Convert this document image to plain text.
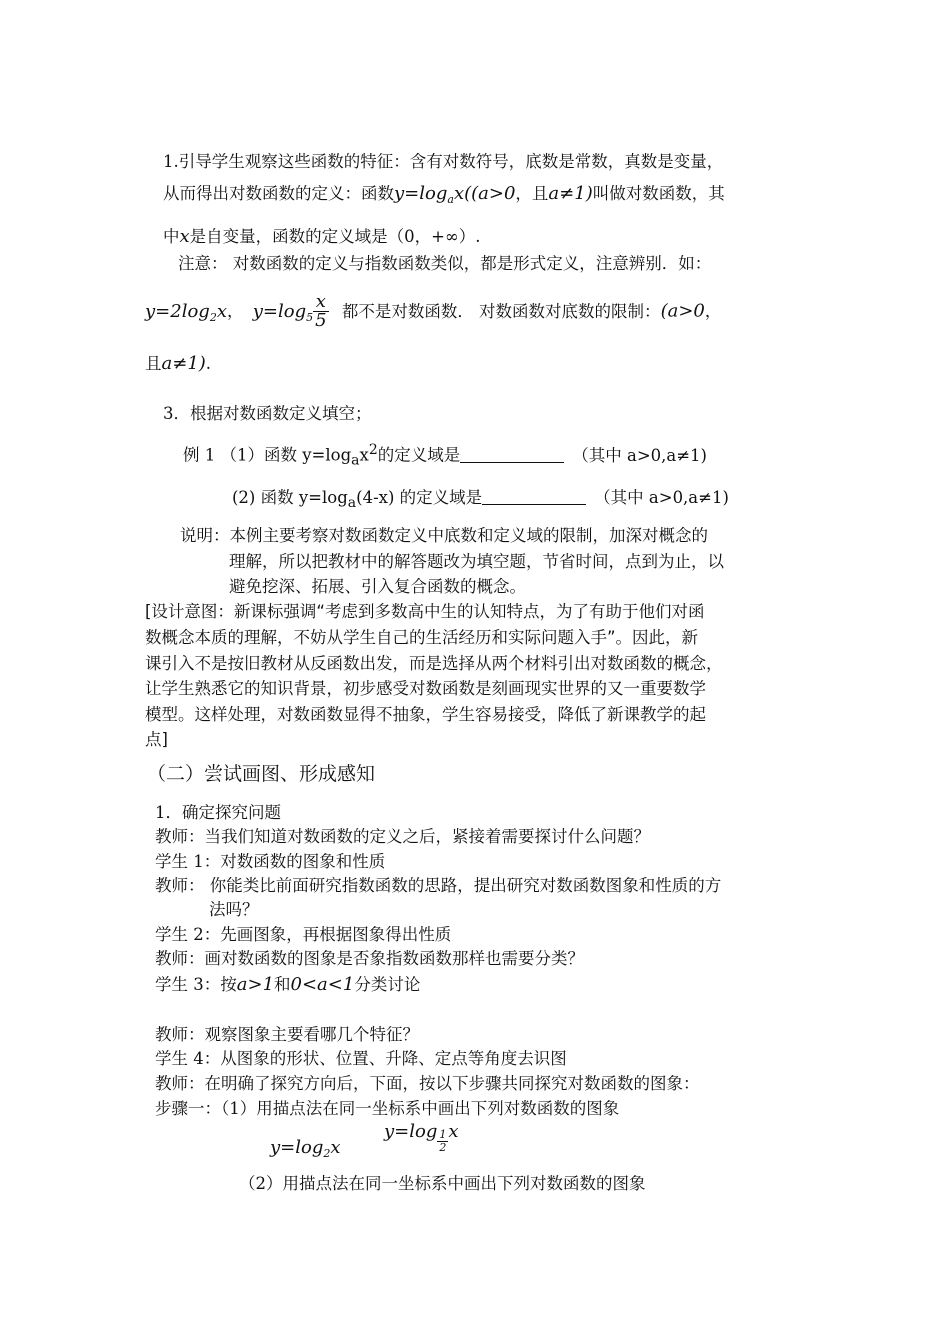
1.引导学生观察这些函数的特征：含有对数符号，底数是常数，真数是变量，
从而得出对数函数的定义：函数$y=\log_ax((a>0$，且a≠1)叫做对数函数，其
中x是自变量，函数的定义域是（0，+∞）.
注意： 对数函数的定义与指数函数类似，都是形式定义，注意辨别．如：
$y=2\log_2x$， $y=\log_5 \frac{x}{5}$ 都不是对数函数． 对数函数对底数的限制：(a>0，
且a≠1).
3．根据对数函数定义填空；
例 1 （1）函数 $y=\log_ax^2$的定义域是	（其中 a>0,a≠1)
(2) 函数 $y=\log_a(4-x)$ 的定义域是	（其中 a>0,a≠1)
说明：本例主要考察对数函数定义中底数和定义域的限制，加深对概念的
理解，所以把教材中的解答题改为填空题，节省时间，点到为止，以
避免挖深、拓展、引入复合函数的概念。
[设计意图：新课标强调“考虑到多数高中生的认知特点，为了有助于他们对函
数概念本质的理解，不妨从学生自己的生活经历和实际问题入手”。因此，新
课引入不是按旧教材从反函数出发，而是选择从两个材料引出对数函数的概念，
让学生熟悉它的知识背景，初步感受对数函数是刻画现实世界的又一重要数学
模型。这样处理，对数函数显得不抽象，学生容易接受，降低了新课教学的起
点]
（二）尝试画图、形成感知
1．确定探究问题
教师：当我们知道对数函数的定义之后，紧接着需要探讨什么问题？
学生 1：对数函数的图象和性质
教师： 你能类比前面研究指数函数的思路，提出研究对数函数图象和性质的方
法吗？
学生 2：先画图象，再根据图象得出性质
教师：画对数函数的图象是否象指数函数那样也需要分类？
学生 3：按a>1和0<a<1分类讨论
教师：观察图象主要看哪几个特征？
学生 4：从图象的形状、位置、升降、定点等角度去识图
教师：在明确了探究方向后，下面，按以下步骤共同探究对数函数的图象：
步骤一：（1）用描点法在同一坐标系中画出下列对数函数的图象
$y=\log_2x$
$y=\log \frac{1}{2}$ x
（2）用描点法在同一坐标系中画出下列对数函数的图象
